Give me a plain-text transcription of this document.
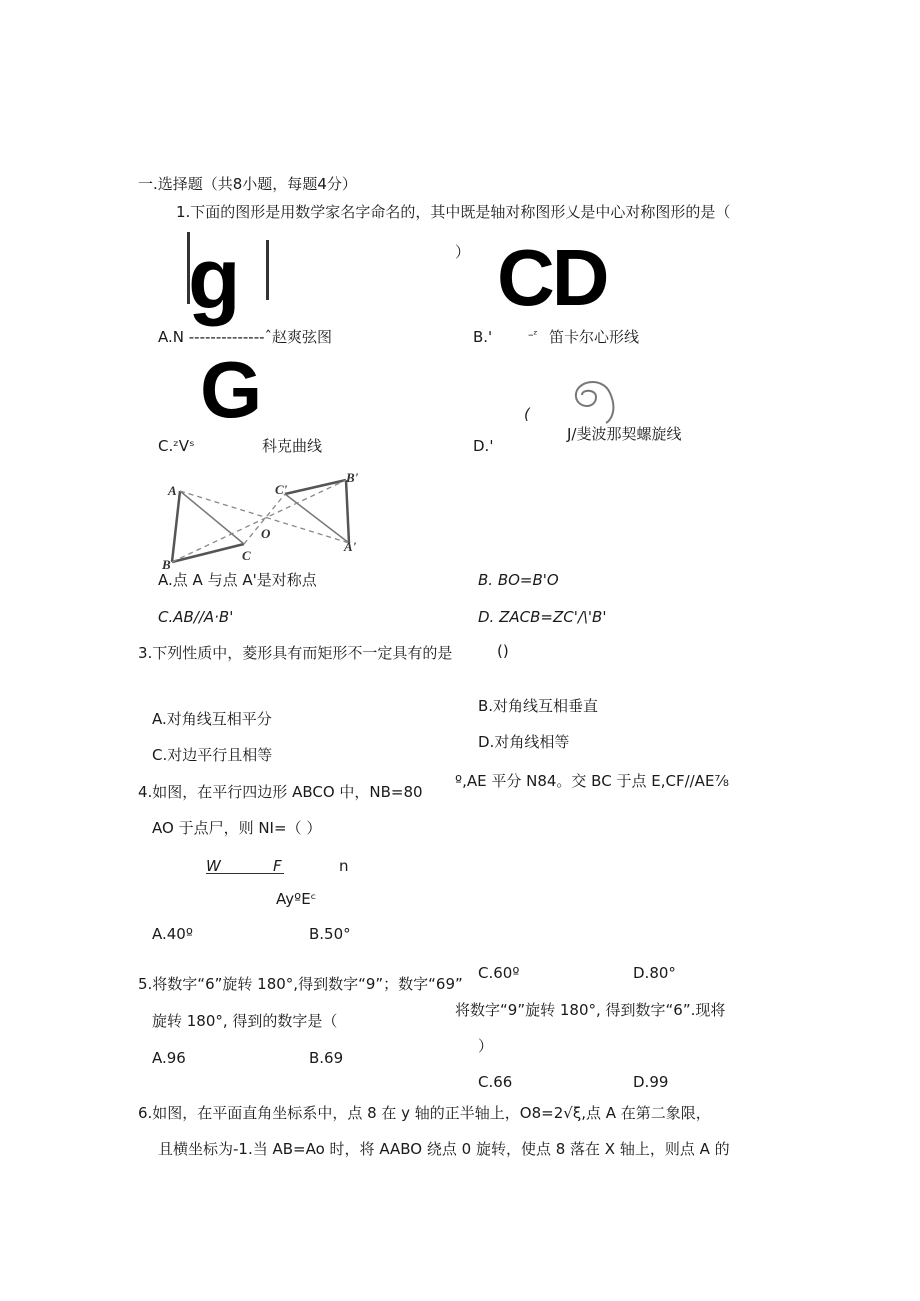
一.选择题（共8小题，每题4分）
1.下面的图形是用数学家名字命名的，其中既是轴对称图形乂是中心对称图形的是（
g	） CD
A.N --------------ˆ赵爽弦图	B.'	–ᶻ 笛卡尔心形线
G	(
C.ᶻVˢ	科克曲线	D.'
J/斐波那契螺旋线
A
B
C
O
A'
B'
C'
A.点 A 与点 A'是对称点	B. BO=B'O
C.AB//A·B'	D. ZACB=ZC'/\'B'
3.下列性质中，菱形具有而矩形不一定具有的是	()
B.对角线互相垂直
A.对角线互相平分
D.对角线相等
C.对边平行且相等
º,AE 平分 N84。交 BC 于点 E,CF//AE⅞
4.如图，在平行四边形 ABCO 中，NB=80
AO 于点尸，则 NI=（ ）
W	F	n
AyºEᶜ
A.40º	B.50°
C.60º	D.80°
5.将数字“6”旋转 180°,得到数字“9”；数字“69”
将数字“9”旋转 180°, 得到数字“6”.现将
旋转 180°, 得到的数字是（
）
A.96	B.69
C.66	D.99
6.如图，在平面直角坐标系中，点 8 在 y 轴的正半轴上，O8=2√ξ,点 A 在第二象限，
且横坐标为-1.当 AB=Ao 时，将 AABO 绕点 0 旋转，使点 8 落在 X 轴上，则点 A 的
